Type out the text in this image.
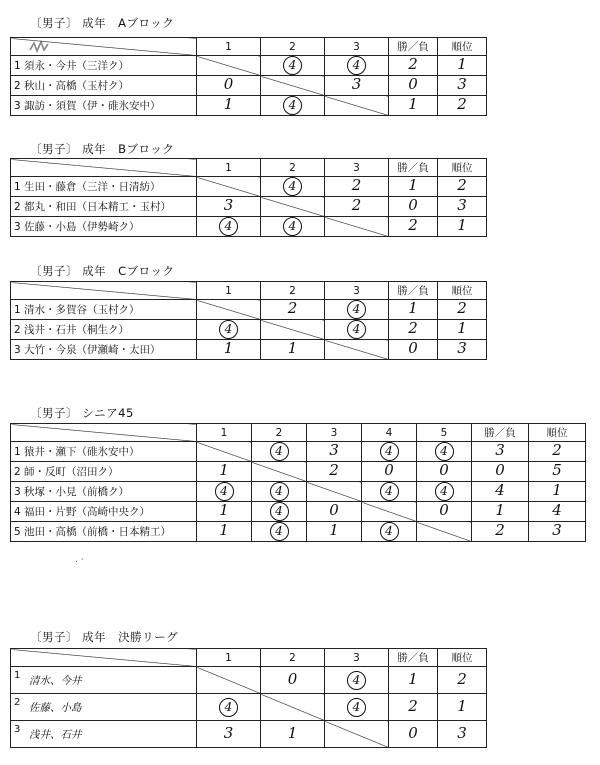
〔男子〕 成年　Aブロック
	1	2	3	勝／負	順位
1 須永・今井（三洋ク）		4	4	2	1

2 秋山・高橋（玉村ク）	0		3	0	3

3 諏訪・須賀（伊・碓氷安中）	1	4		1	2
〔男子〕 成年　Bブロック
	1	2	3	勝／負	順位
1 生田・藤倉（三洋・日清紡）		4	2	1	2

2 都丸・和田（日本精工・玉村）	3		2	0	3

3 佐藤・小島（伊勢崎ク）	4	4		2	1
〔男子〕 成年　Cブロック
	1	2	3	勝／負	順位
1 清水・多賀谷（玉村ク）		2	4	1	2

2 浅井・石井（桐生ク）	4		4	2	1

3 大竹・今泉（伊瀬崎・太田）	1	1		0	3
〔男子〕 シニア45
	1	2	3	4	5	勝／負	順位
1 猿井・瀬下（碓氷安中）		4	3	4	4	3	2

2 師・反町（沼田ク）	1		2	0	0	0	5

3 秋塚・小見（前橋ク）	4	4		4	4	4	1

4 福田・片野（高崎中央ク）	1	4	0		0	1	4

5 池田・高橋（前橋・日本精工）	1	4	1	4		2	3
. ·
〔男子〕 成年　決勝リーグ
	1	2	3	勝／負	順位

1 清水、今井		0	4	1	2

2 佐藤、小島	4		4	2	1

3 浅井、石井	3	1		0	3
